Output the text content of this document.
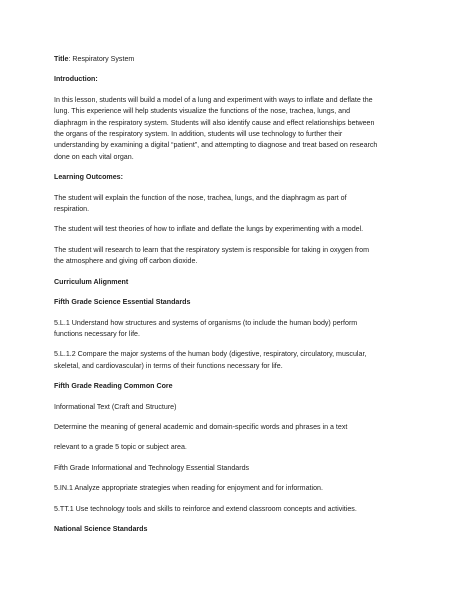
Title: Respiratory System

Introduction:

In this lesson, students will build a model of a lung and experiment with ways to inflate and deflate the

lung. This experience will help students visualize the functions of the nose, trachea, lungs, and

diaphragm in the respiratory system. Students will also identify cause and effect relationships between

the organs of the respiratory system. In addition, students will use technology to further their

understanding by examining a digital “patient”, and attempting to diagnose and treat based on research

done on each vital organ.

Learning Outcomes:

The student will explain the function of the nose, trachea, lungs, and the diaphragm as part of

respiration.

The student will test theories of how to inflate and deflate the lungs by experimenting with a model.

The student will research to learn that the respiratory system is responsible for taking in oxygen from

the atmosphere and giving off carbon dioxide.

Curriculum Alignment

Fifth Grade Science Essential Standards

5.L.1 Understand how structures and systems of organisms (to include the human body) perform

functions necessary for life.

5.L.1.2 Compare the major systems of the human body (digestive, respiratory, circulatory, muscular,

skeletal, and cardiovascular) in terms of their functions necessary for life.

Fifth Grade Reading Common Core

Informational Text (Craft and Structure)

Determine the meaning of general academic and domain-specific words and phrases in a text

relevant to a grade 5 topic or subject area.

Fifth Grade Informational and Technology Essential Standards

5.IN.1 Analyze appropriate strategies when reading for enjoyment and for information.

5.TT.1 Use technology tools and skills to reinforce and extend classroom concepts and activities.

National Science Standards
